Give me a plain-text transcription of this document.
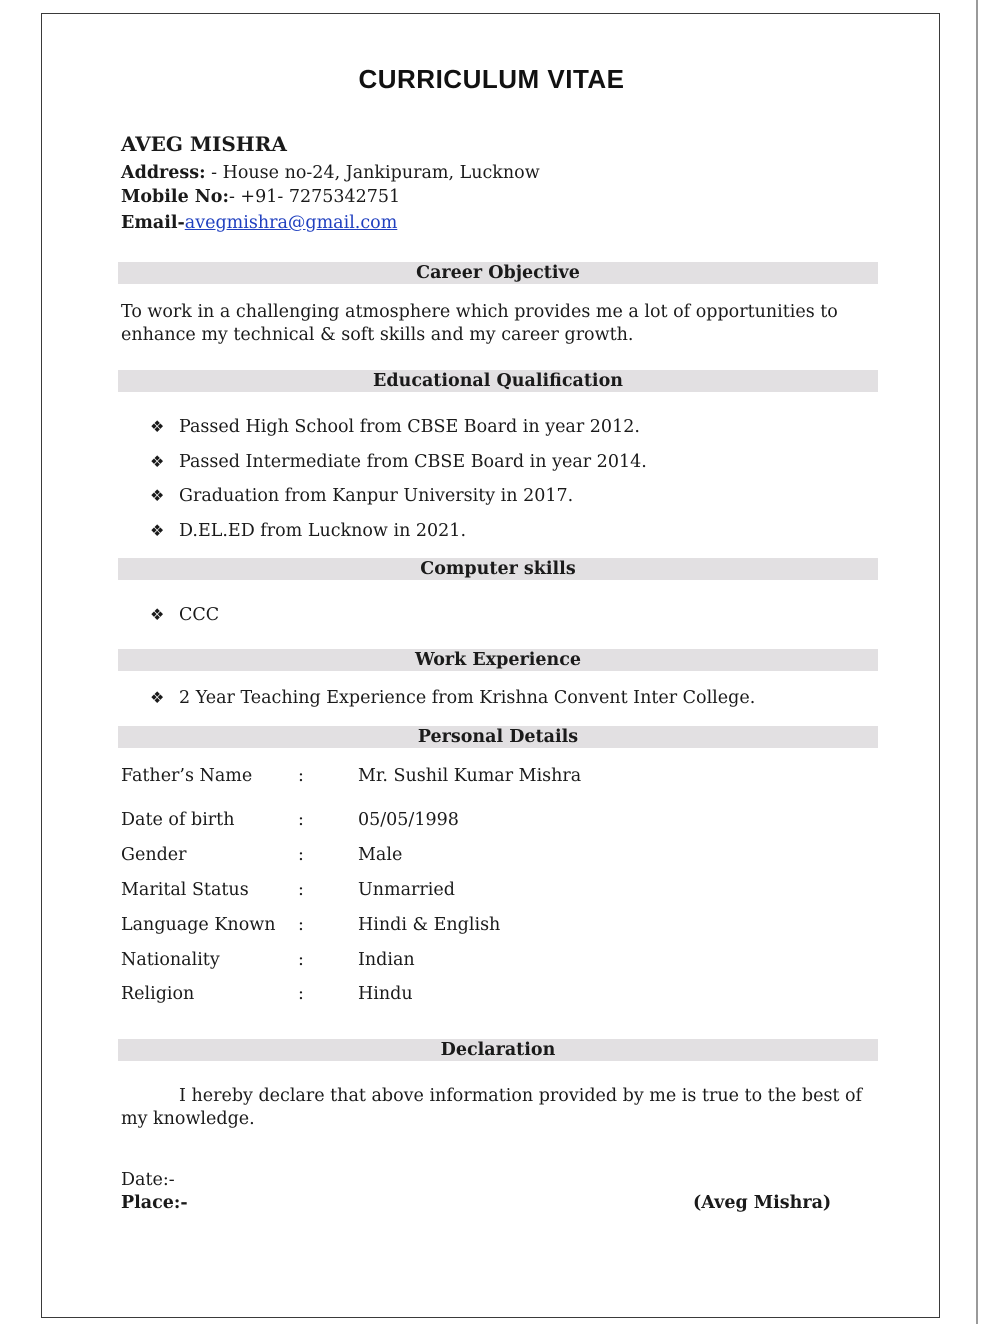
CURRICULUM VITAE
AVEG MISHRA
Address: - House no-24, Jankipuram, Lucknow
Mobile No:- +91- 7275342751
Email-avegmishra@gmail.com
Career Objective
To work in a challenging atmosphere which provides me a lot of opportunities to enhance my technical & soft skills and my career growth.
Educational Qualification
❖ Passed High School from CBSE Board in year 2012.
❖ Passed Intermediate from CBSE Board in year 2014.
❖ Graduation from Kanpur University in 2017.
❖ D.EL.ED from Lucknow in 2021.
Computer skills
❖ CCC
Work Experience
❖ 2 Year Teaching Experience from Krishna Convent Inter College.
Personal Details
Father’s Name	:	Mr. Sushil Kumar Mishra
Date of birth	:	05/05/1998
Gender	:	Male
Marital Status	:	Unmarried
Language Known :	Hindi & English
Nationality	:	Indian
Religion	:	Hindu
Declaration
I hereby declare that above information provided by me is true to the best of my knowledge.
Date:-
Place:-	(Aveg Mishra)
